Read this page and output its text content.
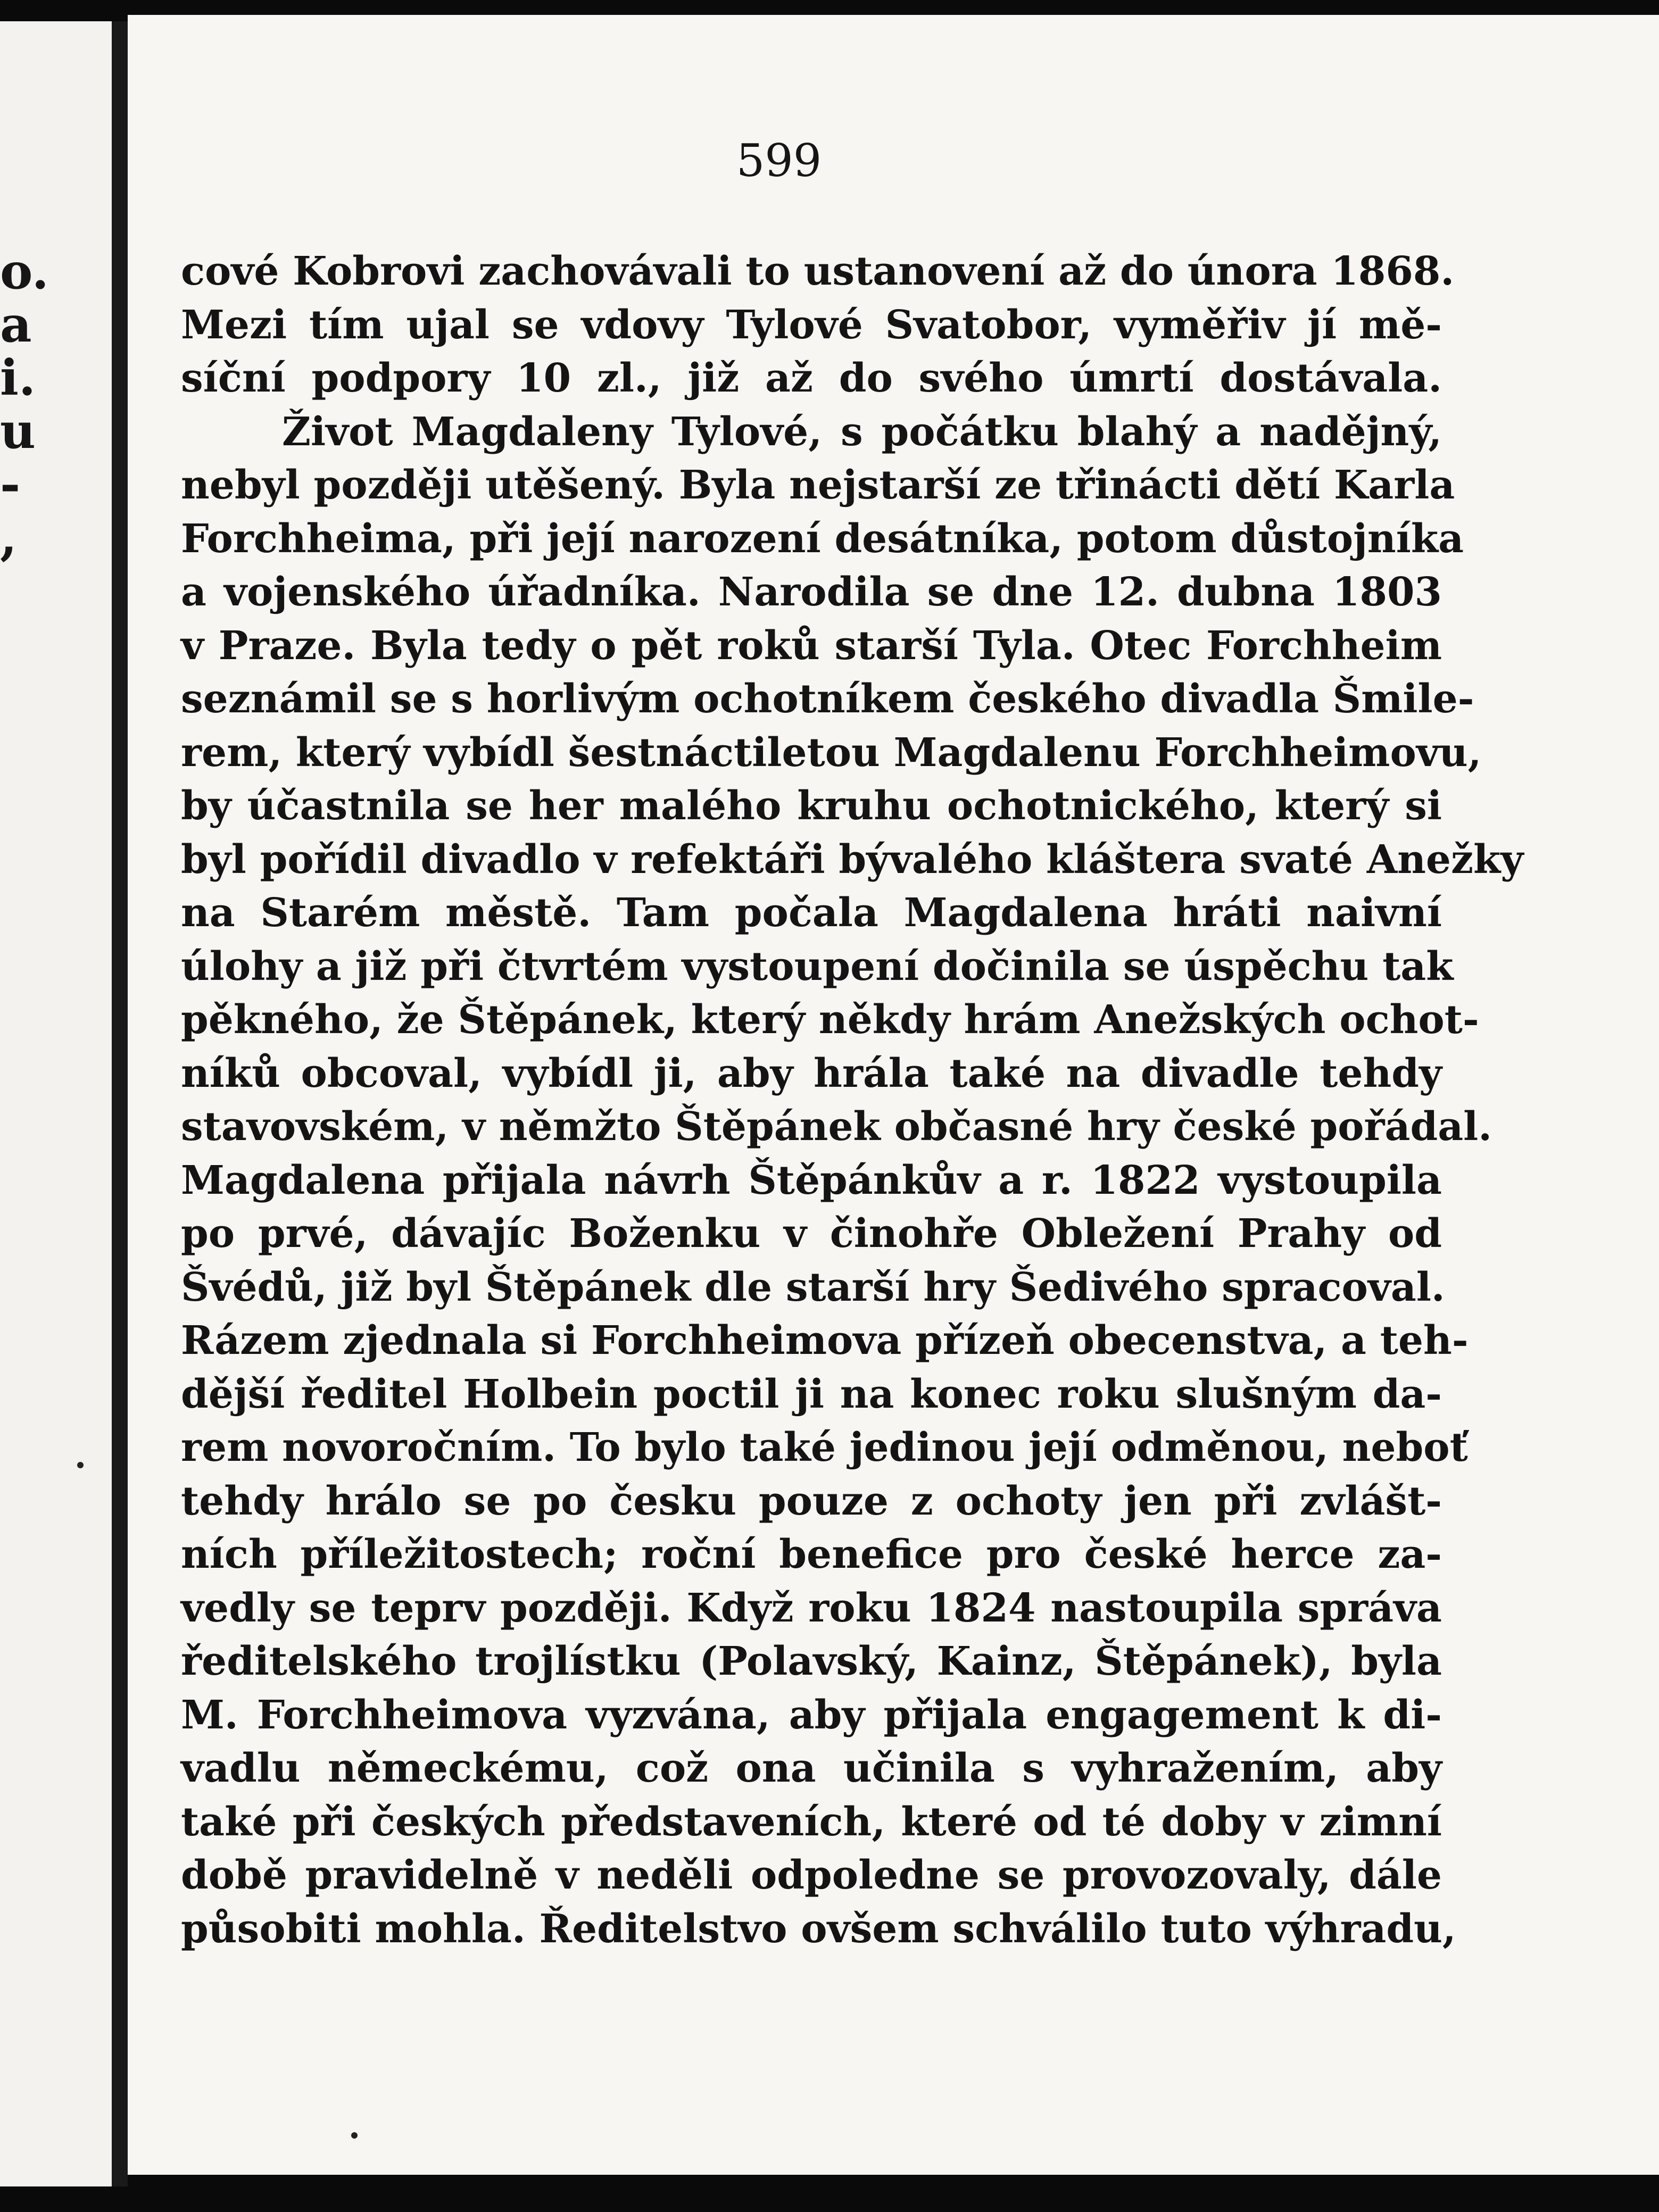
o.
a
i.
u
-
,
599
cové Kobrovi zachovávali to ustanovení až do února 1868.
Mezi tím ujal se vdovy Tylové Svatobor, vyměřiv jí mě-
síční podpory 10 zl., již až do svého úmrtí dostávala.
Život Magdaleny Tylové, s počátku blahý a nadějný,
nebyl později utěšený. Byla nejstarší ze třinácti dětí Karla
Forchheima, při její narození desátníka, potom důstojníka
a vojenského úřadníka. Narodila se dne 12. dubna 1803
v Praze. Byla tedy o pět roků starší Tyla. Otec Forchheim
seznámil se s horlivým ochotníkem českého divadla Šmile-
rem, který vybídl šestnáctiletou Magdalenu Forchheimovu,
by účastnila se her malého kruhu ochotnického, který si
byl pořídil divadlo v refektáři bývalého kláštera svaté Anežky
na Starém městě. Tam počala Magdalena hráti naivní
úlohy a již při čtvrtém vystoupení dočinila se úspěchu tak
pěkného, že Štěpánek, který někdy hrám Anežských ochot-
níků obcoval, vybídl ji, aby hrála také na divadle tehdy
stavovském, v němžto Štěpánek občasné hry české pořádal.
Magdalena přijala návrh Štěpánkův a r. 1822 vystoupila
po prvé, dávajíc Boženku v činohře Obležení Prahy od
Švédů, již byl Štěpánek dle starší hry Šedivého spracoval.
Rázem zjednala si Forchheimova přízeň obecenstva, a teh-
dější ředitel Holbein poctil ji na konec roku slušným da-
rem novoročním. To bylo také jedinou její odměnou, neboť
tehdy hrálo se po česku pouze z ochoty jen při zvlášt-
ních příležitostech; roční benefice pro české herce za-
vedly se teprv později. Když roku 1824 nastoupila správa
ředitelského trojlístku (Polavský, Kainz, Štěpánek), byla
M. Forchheimova vyzvána, aby přijala engagement k di-
vadlu německému, což ona učinila s vyhražením, aby
také při českých představeních, které od té doby v zimní
době pravidelně v neděli odpoledne se provozovaly, dále
působiti mohla. Ředitelstvo ovšem schválilo tuto výhradu,
